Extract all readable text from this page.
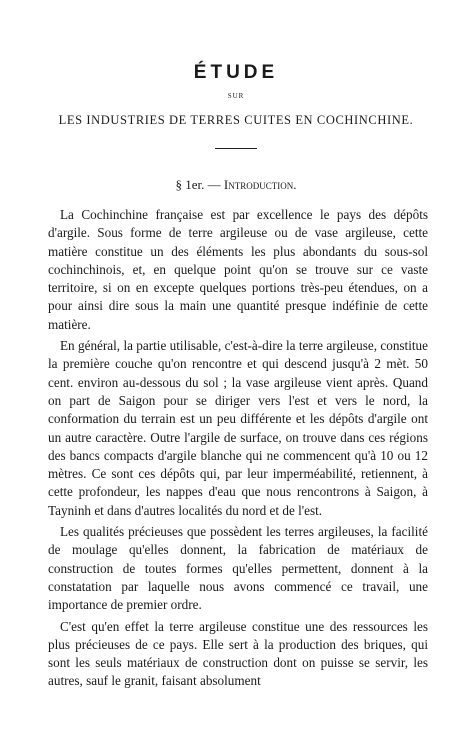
ÉTUDE
SUR
LES INDUSTRIES DE TERRES CUITES EN COCHINCHINE.
§ 1er. — Introduction.

La Cochinchine française est par excellence le pays des dépôts d'argile. Sous forme de terre argileuse ou de vase argileuse, cette matière constitue un des éléments les plus abondants du sous-sol cochinchinois, et, en quelque point qu'on se trouve sur ce vaste territoire, si on en excepte quelques portions très-peu étendues, on a pour ainsi dire sous la main une quantité presque indéfinie de cette matière.

En général, la partie utilisable, c'est-à-dire la terre argileuse, constitue la première couche qu'on rencontre et qui descend jusqu'à 2 mèt. 50 cent. environ au-dessous du sol ; la vase argileuse vient après. Quand on part de Saigon pour se diriger vers l'est et vers le nord, la conformation du terrain est un peu différente et les dépôts d'argile ont un autre caractère. Outre l'argile de surface, on trouve dans ces régions des bancs compacts d'argile blanche qui ne commencent qu'à 10 ou 12 mètres. Ce sont ces dépôts qui, par leur imperméabilité, retiennent, à cette profondeur, les nappes d'eau que nous rencontrons à Saigon, à Tayninh et dans d'autres localités du nord et de l'est.

Les qualités précieuses que possèdent les terres argileuses, la facilité de moulage qu'elles donnent, la fabrication de matériaux de construction de toutes formes qu'elles permettent, donnent à la constatation par laquelle nous avons commencé ce travail, une importance de premier ordre.

C'est qu'en effet la terre argileuse constitue une des ressources les plus précieuses de ce pays. Elle sert à la production des briques, qui sont les seuls matériaux de construction dont on puisse se servir, les autres, sauf le granit, faisant absolument
